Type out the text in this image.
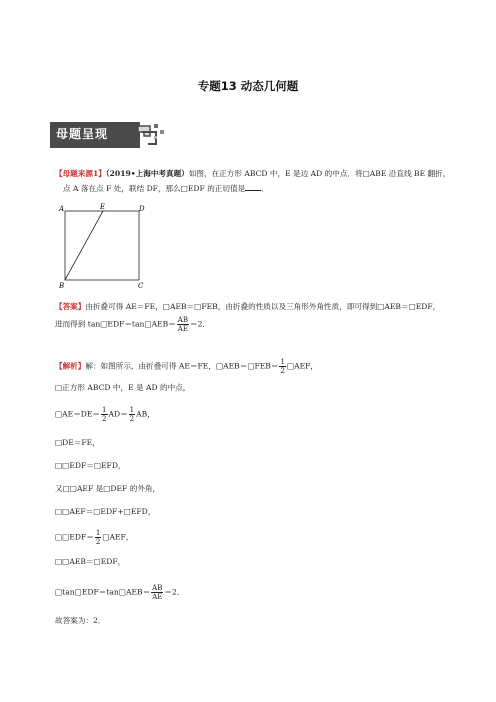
专题13 动态几何题
母题呈现
【母题来源1】（2019•上海中考真题）如图，在正方形 ABCD 中，E 是边 AD 的中点．将□ABE 沿直线 BE 翻折，
点 A 落在点 F 处，联结 DF，那么□EDF 的正切值是 ．
A	E	D
B	C
【答案】由折叠可得 AE＝FE，□AEB＝□FEB，由折叠的性质以及三角形外角性质，即可得到□AEB＝□EDF，
进而得到 tan□EDF＝tan□AEB＝ $\frac{AB}{AE} =2$．
【解析】解：如图所示，由折叠可得 AE＝FE，□AEB＝□FEB＝ $\frac{1}{2}$ □AEF，
□正方形 ABCD 中，E 是 AD 的中点，
□AE＝DE＝ $\frac{1}{2} AD= \frac{1}{2}$ AB，
□DE＝FE，
□□EDF＝□EFD，
又□□AEF 是□DEF 的外角，
□□AEF＝□EDF+□EFD，
□□EDF＝ $\frac{1}{2}$ □AEF，
□□AEB＝□EDF，
□tan□EDF＝tan□AEB＝ $\frac{AB}{AE} =2$．
故答案为：2．
